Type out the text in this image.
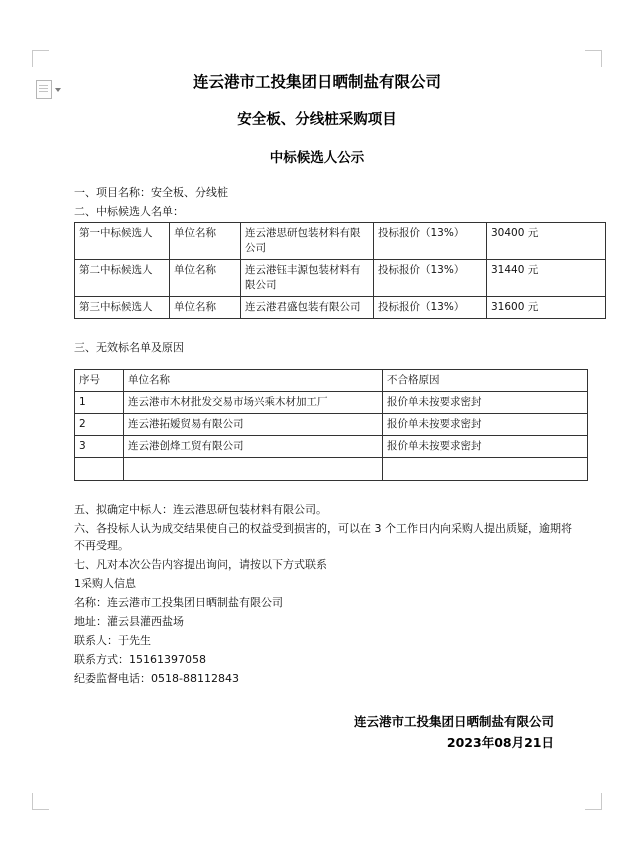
连云港市工投集团日晒制盐有限公司
安全板、分线桩采购项目
中标候选人公示

一、项目名称：安全板、分线桩

二、中标候选人名单：

第一中标候选人	单位名称	连云港思研包装材料有限公司	投标报价（13%）	30400 元
第二中标候选人	单位名称	连云港钰丰源包装材料有限公司	投标报价（13%）	31440 元
第三中标候选人	单位名称	连云港君盛包装有限公司	投标报价（13%）	31600 元

三、无效标名单及原因

序号	单位名称	不合格原因
1	连云港市木材批发交易市场兴乘木材加工厂	报价单未按要求密封
2	连云港拓嫒贸易有限公司	报价单未按要求密封
3	连云港创烽工贸有限公司	报价单未按要求密封

五、拟确定中标人：连云港思研包装材料有限公司。

六、各投标人认为成交结果使自己的权益受到损害的，可以在 3 个工作日内向采购人提出质疑，逾期将不再受理。

七、凡对本次公告内容提出询问，请按以下方式联系

1采购人信息

名称：连云港市工投集团日晒制盐有限公司

地址：灌云县灌西盐场

联系人：于先生

联系方式：15161397058

纪委监督电话：0518-88112843

连云港市工投集团日晒制盐有限公司
2023年08月21日
